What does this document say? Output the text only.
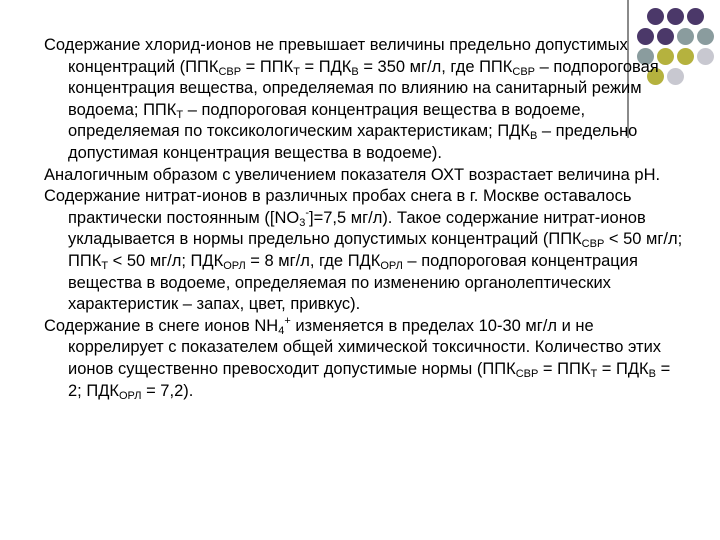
Содержание хлорид-ионов не превышает величины предельно допустимых концентраций ($ППК_{СВР} = ППК_Т = ПДК_В = 350$ мг/л, где $ППК_{СВР}$ – подпороговая концентрация вещества, определяемая по влиянию на санитарный режим водоема; $ППК_Т$ – подпороговая концентрация вещества в водоеме, определяемая по токсикологическим характеристикам; $ПДК_В$ – предельно допустимая концентрация вещества в водоеме).

Аналогичным образом с увеличением показателя ОХТ возрастает величина pH.

Содержание нитрат-ионов в различных пробах снега в г. Москве оставалось практически постоянным ($[NO_3^-]=7,5$ мг/л). Такое содержание нитрат-ионов укладывается в нормы предельно допустимых концентраций ($ППК_{СВР} < 50$ мг/л; $ППК_Т < 50$ мг/л; $ПДК_{ОРЛ} = 8$ мг/л, где $ПДК_{ОРЛ}$ – подпороговая концентрация вещества в водоеме, определяемая по изменению органолептических характеристик – запах, цвет, привкус).

Содержание в снеге ионов $NH_4^+$ изменяется в пределах 10-30 мг/л и не коррелирует с показателем общей химической токсичности. Количество этих ионов существенно превосходит допустимые нормы ($ППК_{СВР} = ППК_Т = ПДК_В = 2$; $ПДК_{ОРЛ} = 7,2$).
